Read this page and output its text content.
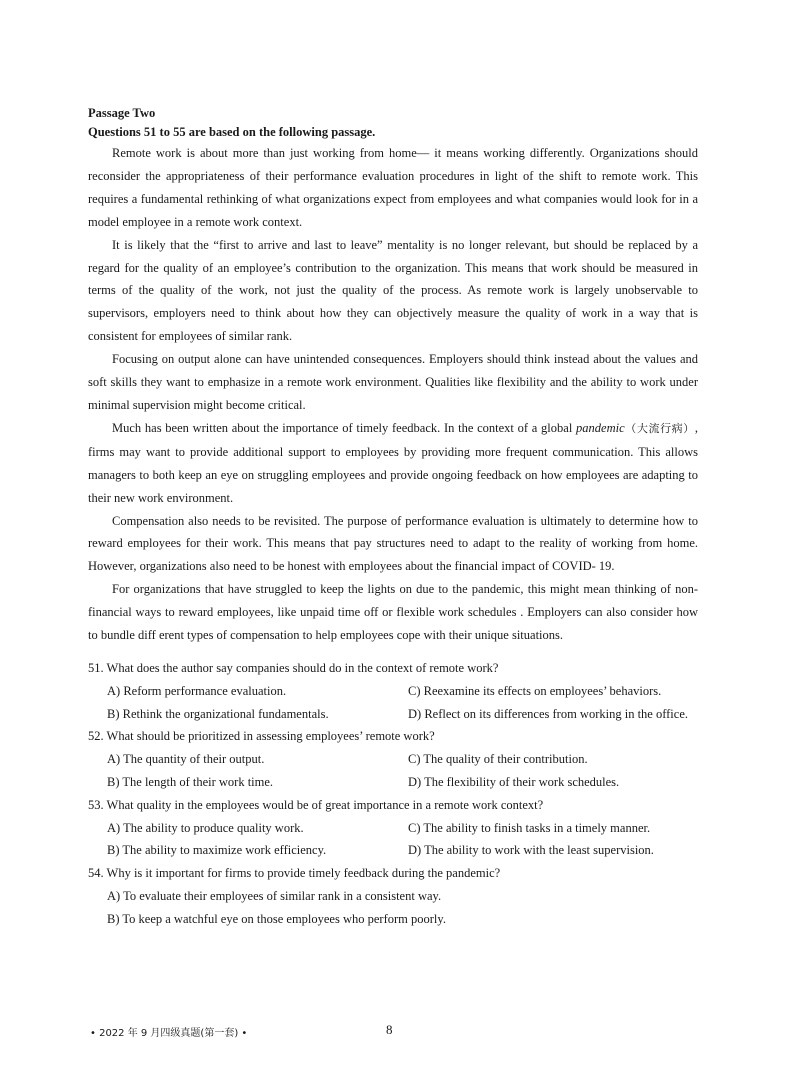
Passage Two

Questions 51 to 55 are based on the following passage.

Remote work is about more than just working from home— it means working differently. Organizations should reconsider the appropriateness of their performance evaluation procedures in light of the shift to remote work. This requires a fundamental rethinking of what organizations expect from employees and what companies would look for in a model employee in a remote work context.

It is likely that the “first to arrive and last to leave” mentality is no longer relevant, but should be replaced by a regard for the quality of an employee’s contribution to the organization. This means that work should be measured in terms of the quality of the work, not just the quality of the process. As remote work is largely unobservable to supervisors, employers need to think about how they can objectively measure the quality of work in a way that is consistent for employees of similar rank.

Focusing on output alone can have unintended consequences. Employers should think instead about the values and soft skills they want to emphasize in a remote work environment. Qualities like flexibility and the ability to work under minimal supervision might become critical.

Much has been written about the importance of timely feedback. In the context of a global pandemic（大流行病）, firms may want to provide additional support to employees by providing more frequent communication. This allows managers to both keep an eye on struggling employees and provide ongoing feedback on how employees are adapting to their new work environment.

Compensation also needs to be revisited. The purpose of performance evaluation is ultimately to determine how to reward employees for their work. This means that pay structures need to adapt to the reality of working from home. However, organizations also need to be honest with employees about the financial impact of COVID- 19.

For organizations that have struggled to keep the lights on due to the pandemic, this might mean thinking of non- financial ways to reward employees, like unpaid time off or flexible work schedules . Employers can also consider how to bundle diff erent types of compensation to help employees cope with their unique situations.

51. What does the author say companies should do in the context of remote work?

A) Reform performance evaluation.	C) Reexamine its effects on employees’ behaviors.
B) Rethink the organizational fundamentals.	D) Reflect on its differences from working in the office.

52. What should be prioritized in assessing employees’ remote work?

A) The quantity of their output.	C) The quality of their contribution.
B) The length of their work time.	D) The flexibility of their work schedules.

53. What quality in the employees would be of great importance in a remote work context?

A) The ability to produce quality work.	C) The ability to finish tasks in a timely manner.
B) The ability to maximize work efficiency.	D) The ability to work with the least supervision.

54. Why is it important for firms to provide timely feedback during the pandemic?

A) To evaluate their employees of similar rank in a consistent way.
B) To keep a watchful eye on those employees who perform poorly.
• 2022 年 9 月四级真题(第一套) •	8
